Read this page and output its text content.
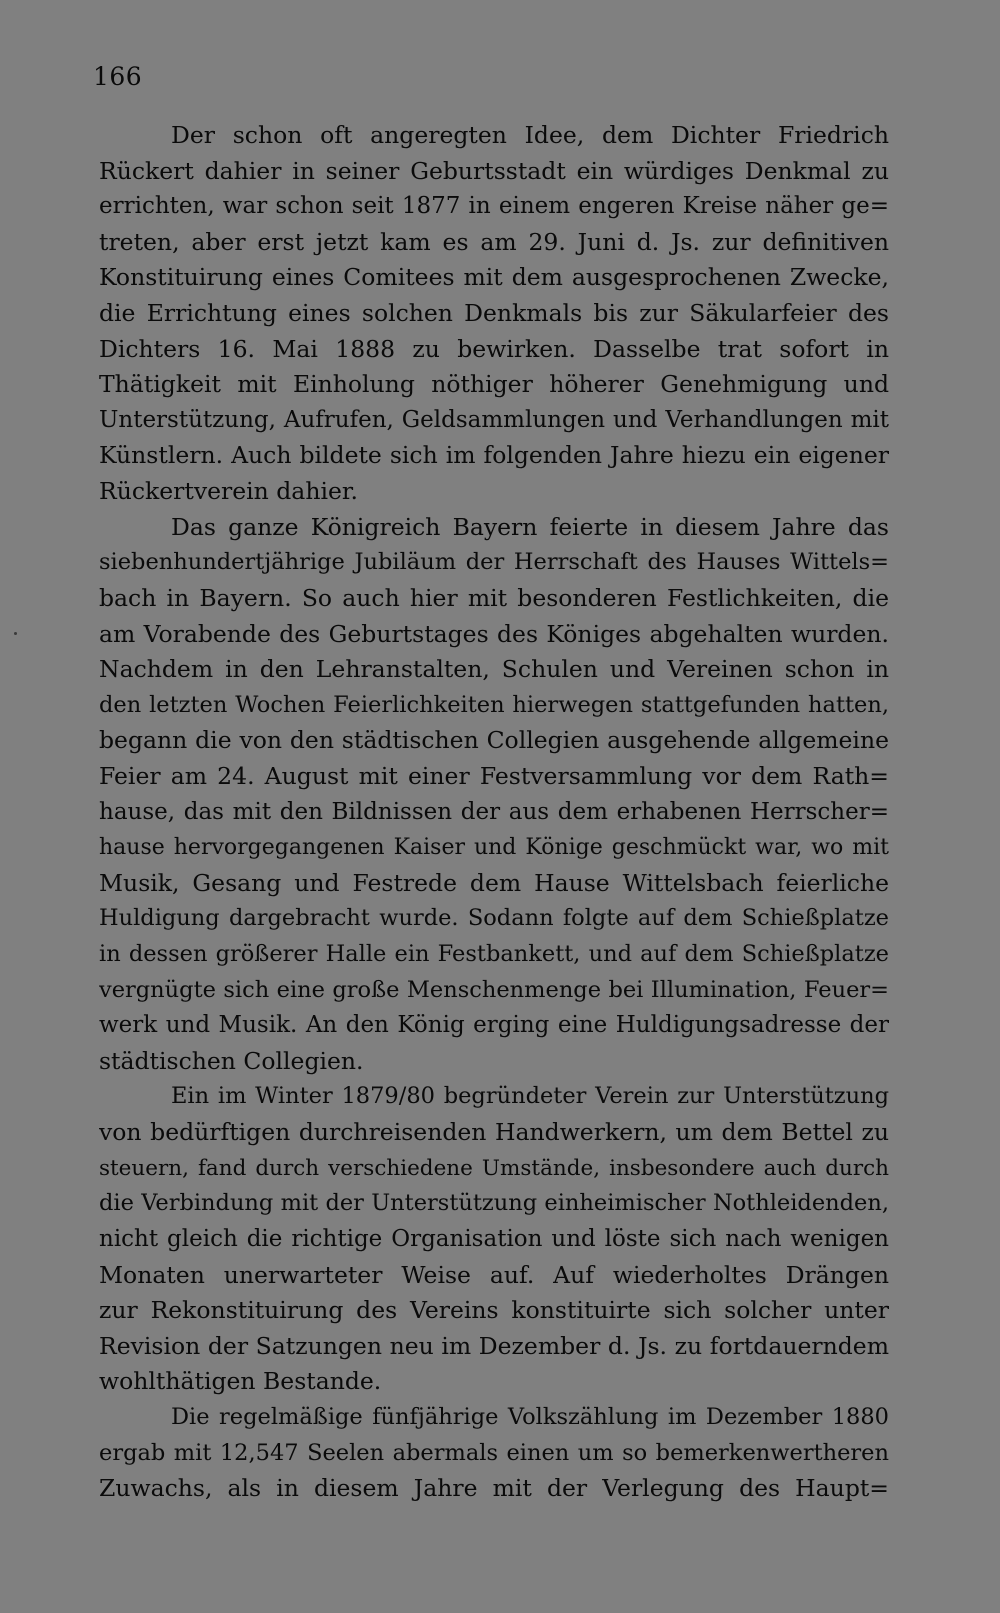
166
Der schon oft angeregten Idee, dem Dichter Friedrich
Rückert dahier in seiner Geburtsstadt ein würdiges Denkmal zu
errichten, war schon seit 1877 in einem engeren Kreise näher ge=
treten, aber erst jetzt kam es am 29. Juni d. Js. zur definitiven
Konstituirung eines Comitees mit dem ausgesprochenen Zwecke,
die Errichtung eines solchen Denkmals bis zur Säkularfeier des
Dichters 16. Mai 1888 zu bewirken. Dasselbe trat sofort in
Thätigkeit mit Einholung nöthiger höherer Genehmigung und
Unterstützung, Aufrufen, Geldsammlungen und Verhandlungen mit
Künstlern. Auch bildete sich im folgenden Jahre hiezu ein eigener
Rückertverein dahier.
Das ganze Königreich Bayern feierte in diesem Jahre das
siebenhundertjährige Jubiläum der Herrschaft des Hauses Wittels=
bach in Bayern. So auch hier mit besonderen Festlichkeiten, die
am Vorabende des Geburtstages des Königes abgehalten wurden.
Nachdem in den Lehranstalten, Schulen und Vereinen schon in
den letzten Wochen Feierlichkeiten hierwegen stattgefunden hatten,
begann die von den städtischen Collegien ausgehende allgemeine
Feier am 24. August mit einer Festversammlung vor dem Rath=
hause, das mit den Bildnissen der aus dem erhabenen Herrscher=
hause hervorgegangenen Kaiser und Könige geschmückt war, wo mit
Musik, Gesang und Festrede dem Hause Wittelsbach feierliche
Huldigung dargebracht wurde. Sodann folgte auf dem Schießplatze
in dessen größerer Halle ein Festbankett, und auf dem Schießplatze
vergnügte sich eine große Menschenmenge bei Illumination, Feuer=
werk und Musik. An den König erging eine Huldigungsadresse der
städtischen Collegien.
Ein im Winter 1879/80 begründeter Verein zur Unterstützung
von bedürftigen durchreisenden Handwerkern, um dem Bettel zu
steuern, fand durch verschiedene Umstände, insbesondere auch durch
die Verbindung mit der Unterstützung einheimischer Nothleidenden,
nicht gleich die richtige Organisation und löste sich nach wenigen
Monaten unerwarteter Weise auf. Auf wiederholtes Drängen
zur Rekonstituirung des Vereins konstituirte sich solcher unter
Revision der Satzungen neu im Dezember d. Js. zu fortdauerndem
wohlthätigen Bestande.
Die regelmäßige fünfjährige Volkszählung im Dezember 1880
ergab mit 12,547 Seelen abermals einen um so bemerkenwertheren
Zuwachs, als in diesem Jahre mit der Verlegung des Haupt=
